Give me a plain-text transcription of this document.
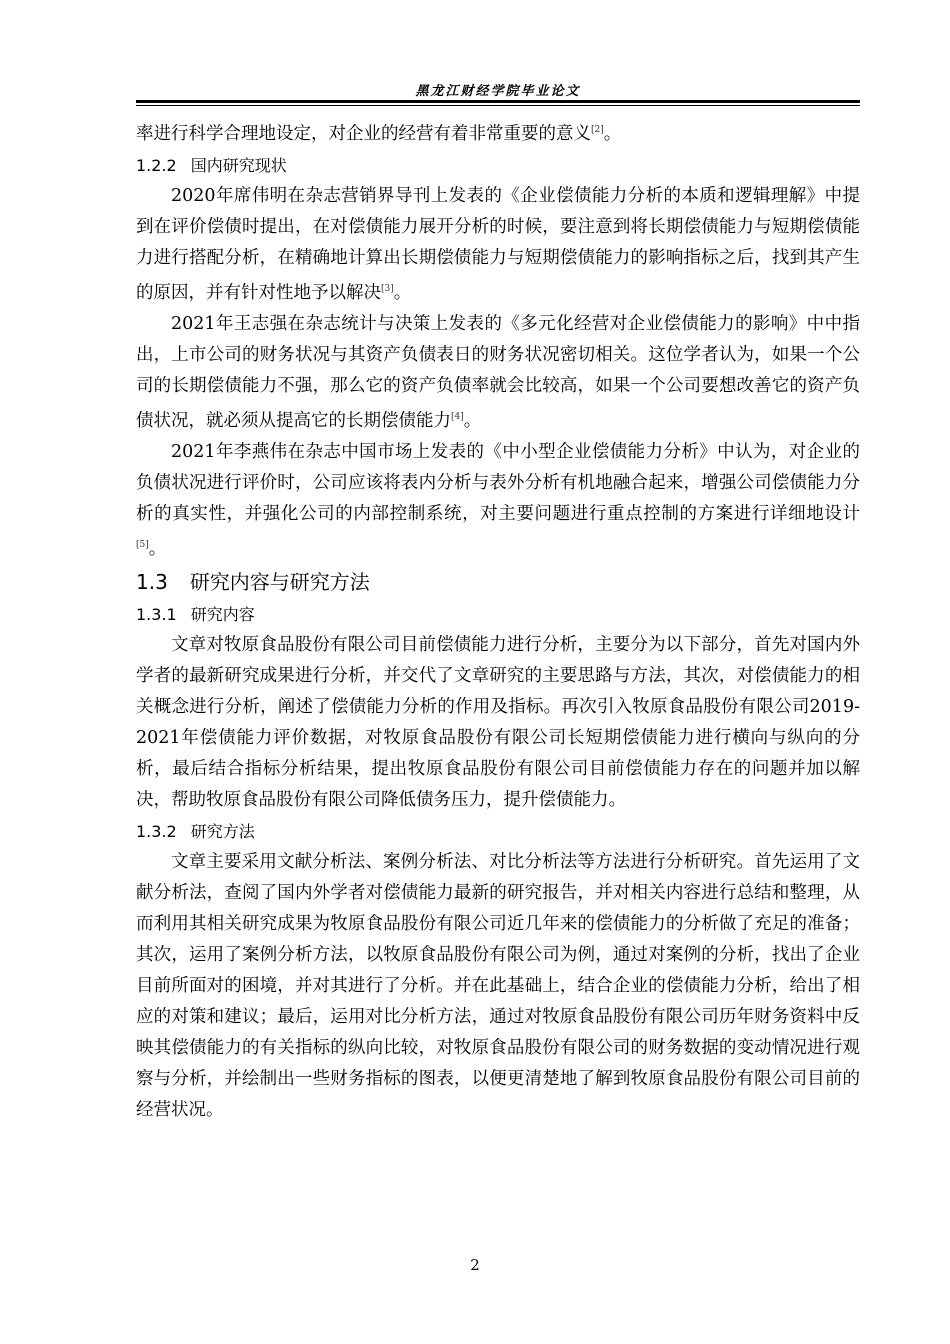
黑龙江财经学院毕业论文

率进行科学合理地设定，对企业的经营有着非常重要的意义[2]。

1.2.2 国内研究现状

2020年席伟明在杂志营销界导刊上发表的《企业偿债能力分析的本质和逻辑理解》中提到在评价偿债时提出，在对偿债能力展开分析的时候，要注意到将长期偿债能力与短期偿债能力进行搭配分析，在精确地计算出长期偿债能力与短期偿债能力的影响指标之后，找到其产生的原因，并有针对性地予以解决[3]。

2021年王志强在杂志统计与决策上发表的《多元化经营对企业偿债能力的影响》中中指出，上市公司的财务状况与其资产负债表日的财务状况密切相关。这位学者认为，如果一个公司的长期偿债能力不强，那么它的资产负债率就会比较高，如果一个公司要想改善它的资产负债状况，就必须从提高它的长期偿债能力[4]。

2021年李燕伟在杂志中国市场上发表的《中小型企业偿债能力分析》中认为，对企业的负债状况进行评价时，公司应该将表内分析与表外分析有机地融合起来，增强公司偿债能力分析的真实性，并强化公司的内部控制系统，对主要问题进行重点控制的方案进行详细地设计[5]。

1.3 研究内容与研究方法

1.3.1 研究内容

文章对牧原食品股份有限公司目前偿债能力进行分析，主要分为以下部分，首先对国内外学者的最新研究成果进行分析，并交代了文章研究的主要思路与方法，其次，对偿债能力的相关概念进行分析，阐述了偿债能力分析的作用及指标。再次引入牧原食品股份有限公司2019-2021年偿债能力评价数据，对牧原食品股份有限公司长短期偿债能力进行横向与纵向的分析，最后结合指标分析结果，提出牧原食品股份有限公司目前偿债能力存在的问题并加以解决，帮助牧原食品股份有限公司降低债务压力，提升偿债能力。

1.3.2 研究方法

文章主要采用文献分析法、案例分析法、对比分析法等方法进行分析研究。首先运用了文献分析法，查阅了国内外学者对偿债能力最新的研究报告，并对相关内容进行总结和整理，从而利用其相关研究成果为牧原食品股份有限公司近几年来的偿债能力的分析做了充足的准备；其次，运用了案例分析方法，以牧原食品股份有限公司为例，通过对案例的分析，找出了企业目前所面对的困境，并对其进行了分析。并在此基础上，结合企业的偿债能力分析，给出了相应的对策和建议；最后，运用对比分析方法，通过对牧原食品股份有限公司历年财务资料中反映其偿债能力的有关指标的纵向比较，对牧原食品股份有限公司的财务数据的变动情况进行观察与分析，并绘制出一些财务指标的图表，以便更清楚地了解到牧原食品股份有限公司目前的经营状况。

2
